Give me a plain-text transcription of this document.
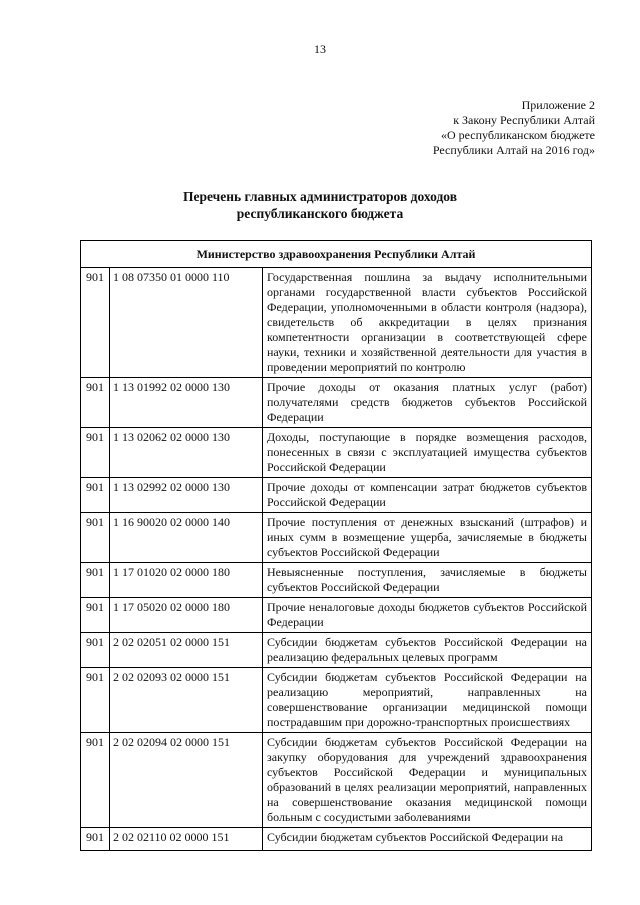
13
Приложение 2
к Закону Республики Алтай
«О республиканском бюджете
Республики Алтай на 2016 год»
Перечень главных администраторов доходов
республиканского бюджета
Министерство здравоохранения Республики Алтай		
901	1 08 07350 01 0000 110	Государственная пошлина за выдачу исполнительными органами государственной власти субъектов Российской Федерации, уполномоченными в области контроля (надзора), свидетельств об аккредитации в целях признания компетентности организации в соответствующей сфере науки, техники и хозяйственной деятельности для участия в проведении мероприятий по контролю
901	1 13 01992 02 0000 130	Прочие доходы от оказания платных услуг (работ) получателями средств бюджетов субъектов Российской Федерации
901	1 13 02062 02 0000 130	Доходы, поступающие в порядке возмещения расходов, понесенных в связи с эксплуатацией имущества субъектов Российской Федерации
901	1 13 02992 02 0000 130	Прочие доходы от компенсации затрат бюджетов субъектов Российской Федерации
901	1 16 90020 02 0000 140	Прочие поступления от денежных взысканий (штрафов) и иных сумм в возмещение ущерба, зачисляемые в бюджеты субъектов Российской Федерации
901	1 17 01020 02 0000 180	Невыясненные поступления, зачисляемые в бюджеты субъектов Российской Федерации
901	1 17 05020 02 0000 180	Прочие неналоговые доходы бюджетов субъектов Российской Федерации
901	2 02 02051 02 0000 151	Субсидии бюджетам субъектов Российской Федерации на реализацию федеральных целевых программ
901	2 02 02093 02 0000 151	Субсидии бюджетам субъектов Российской Федерации на реализацию мероприятий, направленных на совершенствование организации медицинской помощи пострадавшим при дорожно-транспортных происшествиях
901	2 02 02094 02 0000 151	Субсидии бюджетам субъектов Российской Федерации на закупку оборудования для учреждений здравоохранения субъектов Российской Федерации и муниципальных образований в целях реализации мероприятий, направленных на совершенствование оказания медицинской помощи больным с сосудистыми заболеваниями
901	2 02 02110 02 0000 151	Субсидии бюджетам субъектов Российской Федерации на
